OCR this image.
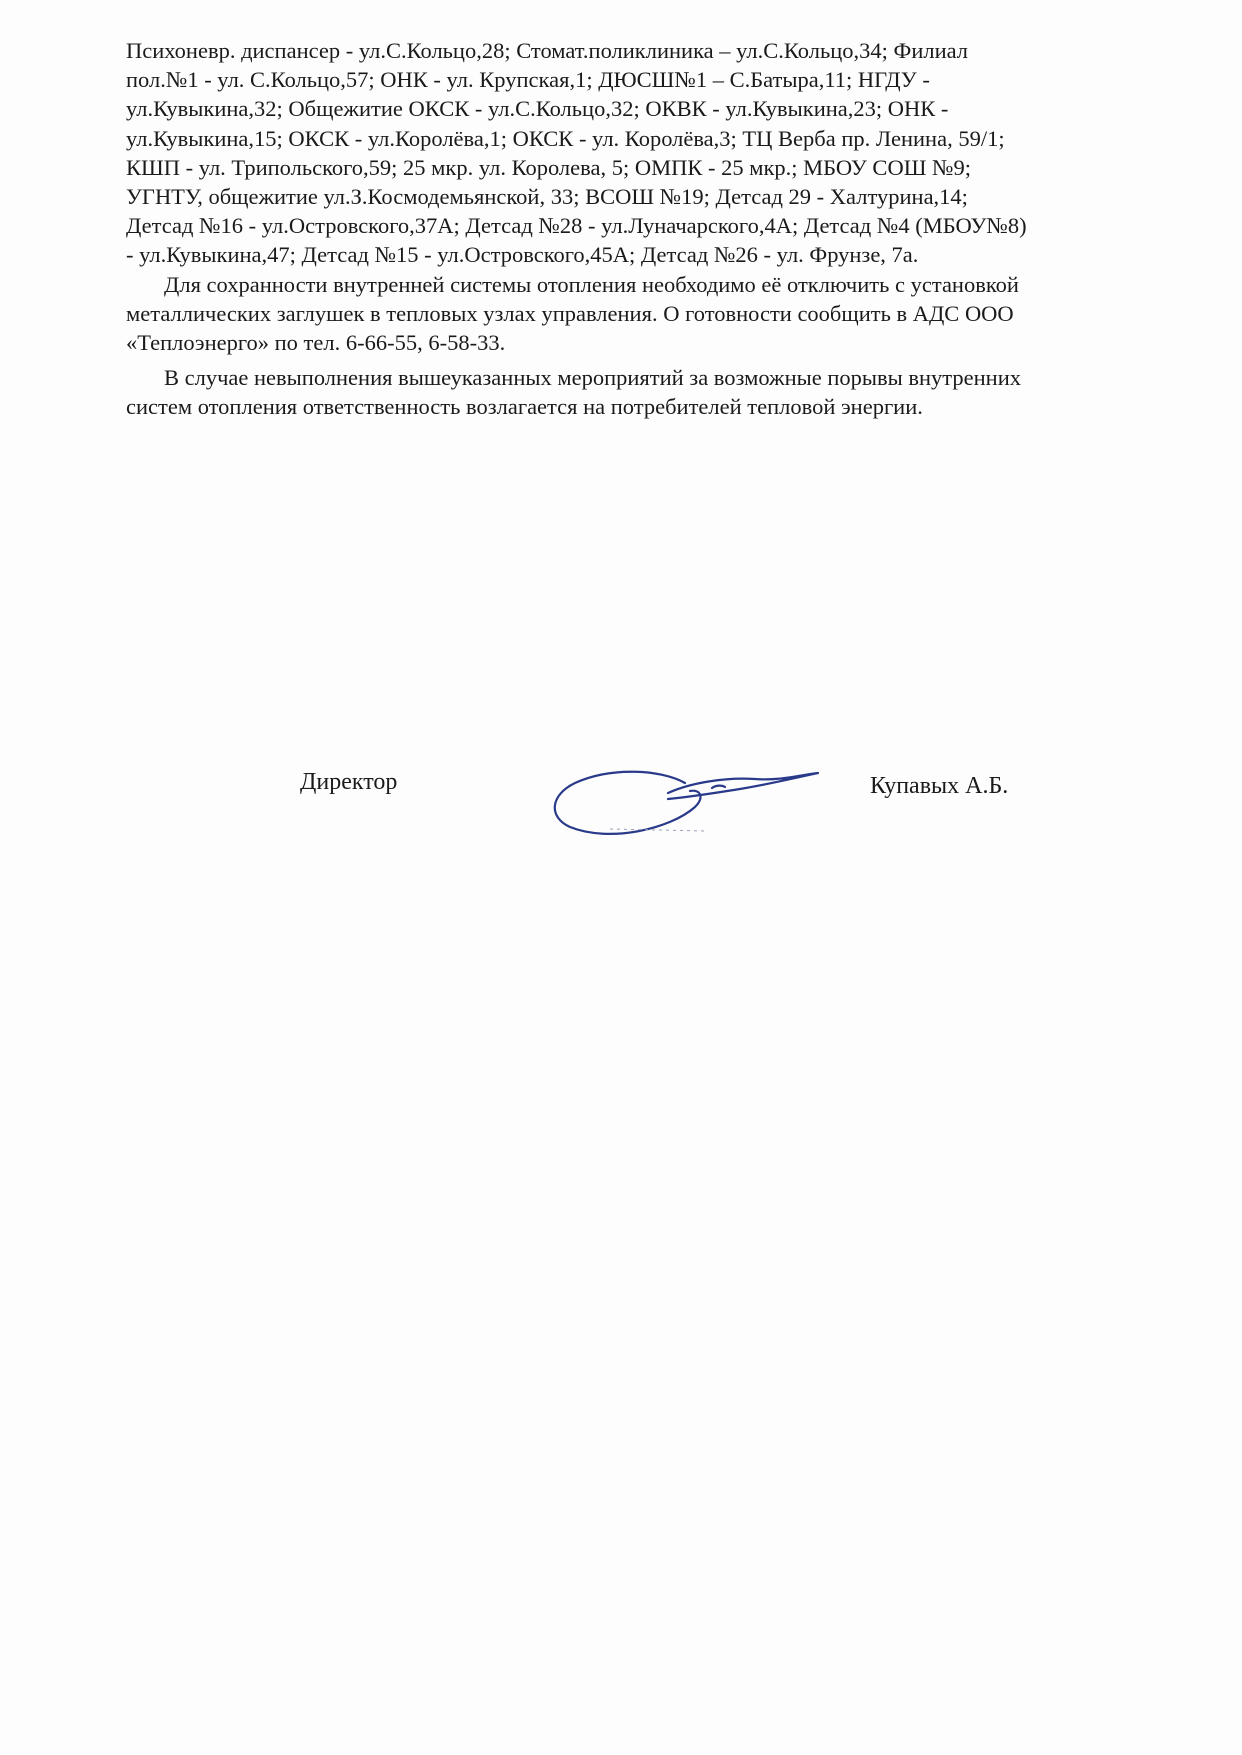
Психоневр. диспансер - ул.С.Кольцо,28; Стомат.поликлиника – ул.С.Кольцо,34; Филиал
пол.№1 - ул. С.Кольцо,57; ОНК - ул. Крупская,1; ДЮСШ№1 – С.Батыра,11; НГДУ -
ул.Кувыкина,32; Общежитие ОКСК - ул.С.Кольцо,32; ОКВК - ул.Кувыкина,23; ОНК -
ул.Кувыкина,15; ОКСК - ул.Королёва,1; ОКСК - ул. Королёва,3; ТЦ Верба пр. Ленина, 59/1;
КШП - ул. Трипольского,59; 25 мкр. ул. Королева, 5; ОМПК - 25 мкр.; МБОУ СОШ №9;
УГНТУ, общежитие ул.З.Космодемьянской, 33; ВСОШ №19; Детсад 29 - Халтурина,14;
Детсад №16 - ул.Островского,37А; Детсад №28 - ул.Луначарского,4А; Детсад №4 (МБОУ№8)
- ул.Кувыкина,47; Детсад №15 - ул.Островского,45А; Детсад №26 - ул. Фрунзе, 7а.
Для сохранности внутренней системы отопления необходимо её отключить с установкой
металлических заглушек в тепловых узлах управления. О готовности сообщить в АДС ООО
«Теплоэнерго» по тел. 6-66-55, 6-58-33.
В случае невыполнения вышеуказанных мероприятий за возможные порывы внутренних
систем отопления ответственность возлагается на потребителей тепловой энергии.
Директор	Купавых А.Б.
